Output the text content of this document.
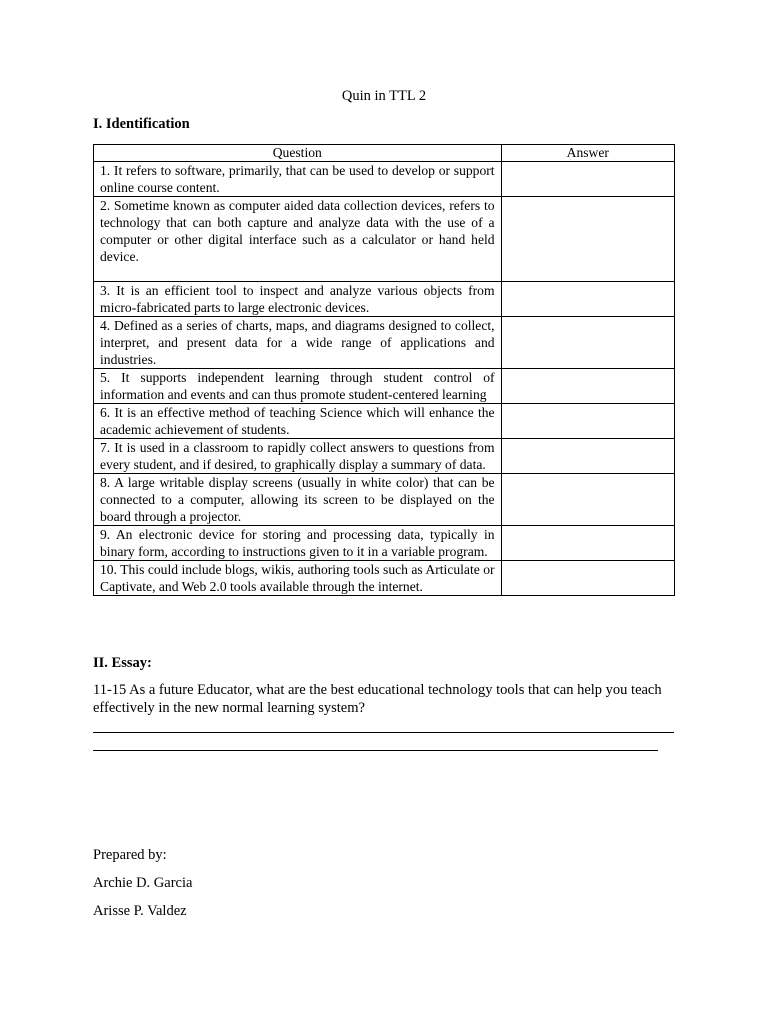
Quin in TTL 2
I. Identification
Question	Answer
1. It refers to software, primarily, that can be used to develop or support online course content.	
2. Sometime known as computer aided data collection devices, refers to technology that can both capture and analyze data with the use of a computer or other digital interface such as a calculator or hand held device.	
3. It is an efficient tool to inspect and analyze various objects from micro-fabricated parts to large electronic devices.	
4. Defined as a series of charts, maps, and diagrams designed to collect, interpret, and present data for a wide range of applications and industries.	
5. It supports independent learning through student control of information and events and can thus promote student-centered learning	
6. It is an effective method of teaching Science which will enhance the academic achievement of students.	
7. It is used in a classroom to rapidly collect answers to questions from every student, and if desired, to graphically display a summary of data.	
8. A large writable display screens (usually in white color) that can be connected to a computer, allowing its screen to be displayed on the board through a projector.	
9. An electronic device for storing and processing data, typically in binary form, according to instructions given to it in a variable program.	
10. This could include blogs, wikis, authoring tools such as Articulate or Captivate, and Web 2.0 tools available through the internet.	
II. Essay:
11-15 As a future Educator, what are the best educational technology tools that can help you teach effectively in the new normal learning system?
Prepared by:
Archie D. Garcia
Arisse P. Valdez
